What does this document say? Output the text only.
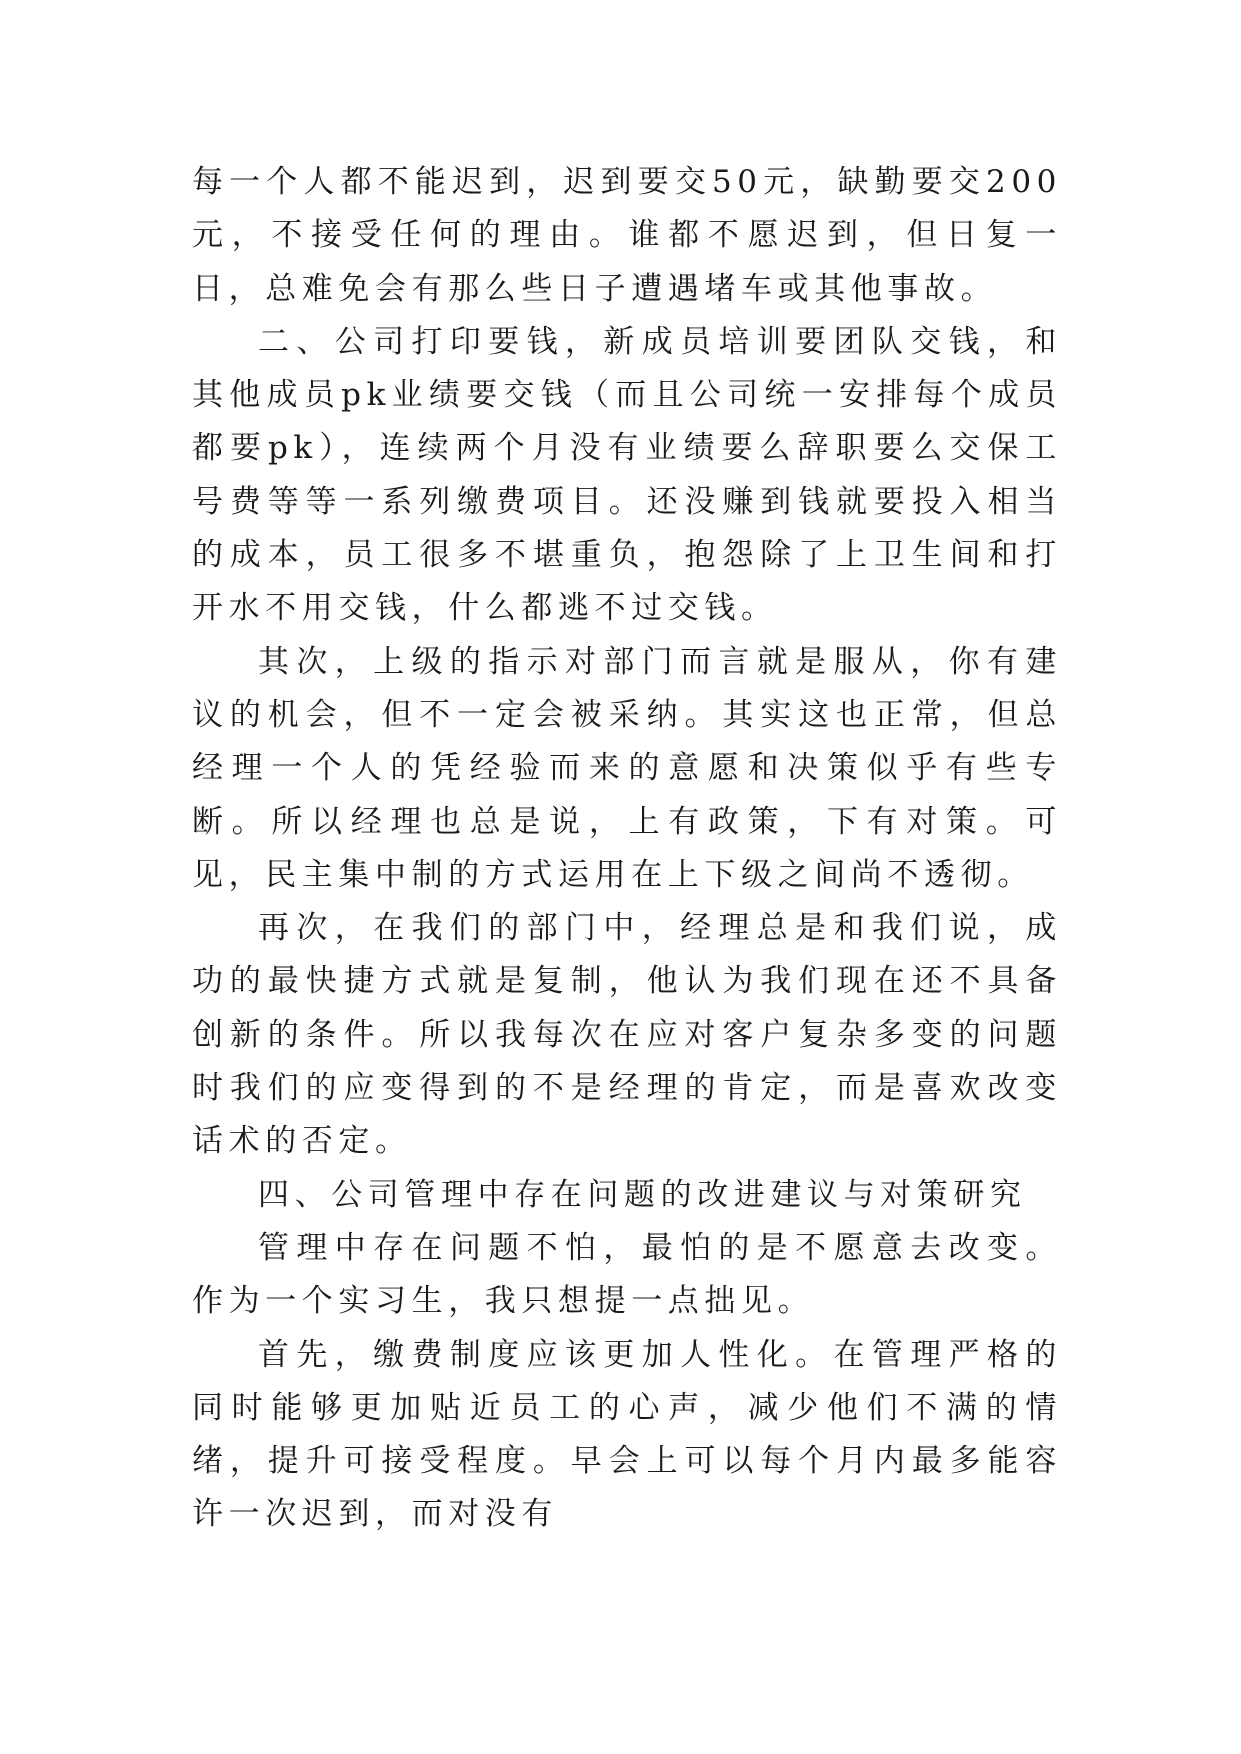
每一个人都不能迟到，迟到要交50元，缺勤要交200元，不接受任何的理由。谁都不愿迟到，但日复一日，总难免会有那么些日子遭遇堵车或其他事故。

二、公司打印要钱，新成员培训要团队交钱，和其他成员pk业绩要交钱（而且公司统一安排每个成员都要pk），连续两个月没有业绩要么辞职要么交保工号费等等一系列缴费项目。还没赚到钱就要投入相当的成本，员工很多不堪重负，抱怨除了上卫生间和打开水不用交钱，什么都逃不过交钱。

其次，上级的指示对部门而言就是服从，你有建议的机会，但不一定会被采纳。其实这也正常，但总经理一个人的凭经验而来的意愿和决策似乎有些专断。所以经理也总是说，上有政策，下有对策。可见，民主集中制的方式运用在上下级之间尚不透彻。

再次，在我们的部门中，经理总是和我们说，成功的最快捷方式就是复制，他认为我们现在还不具备创新的条件。所以我每次在应对客户复杂多变的问题时我们的应变得到的不是经理的肯定，而是喜欢改变话术的否定。

四、公司管理中存在问题的改进建议与对策研究

管理中存在问题不怕，最怕的是不愿意去改变。作为一个实习生，我只想提一点拙见。

首先，缴费制度应该更加人性化。在管理严格的同时能够更加贴近员工的心声，减少他们不满的情绪，提升可接受程度。早会上可以每个月内最多能容许一次迟到，而对没有
